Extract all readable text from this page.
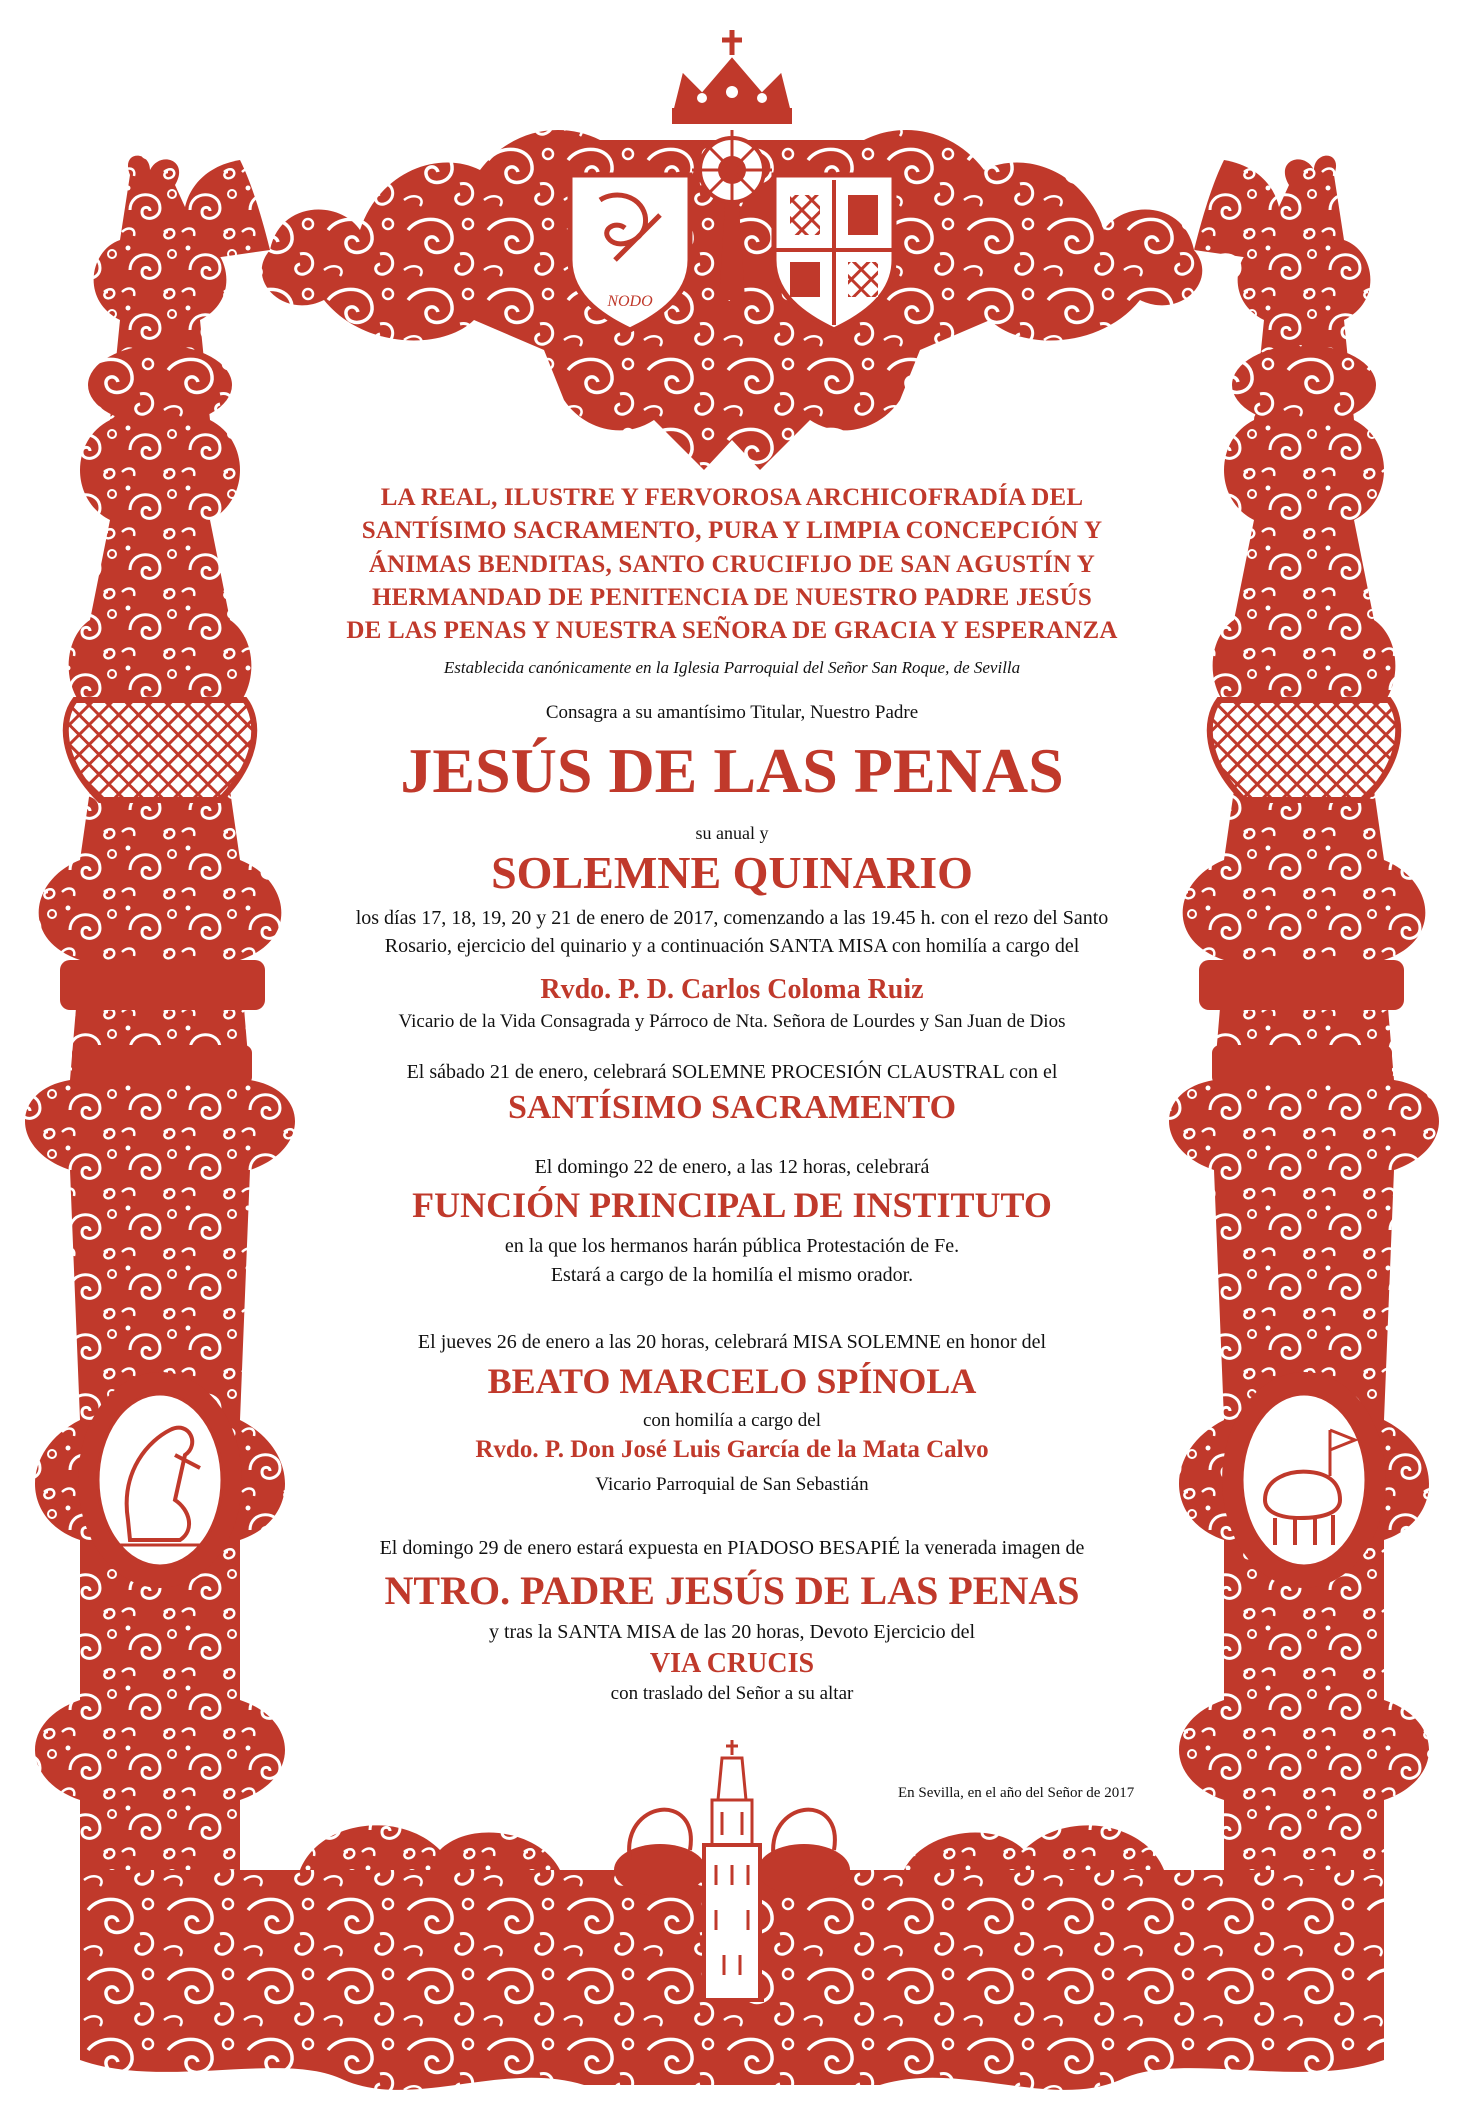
NODO
LA REAL, ILUSTRE Y FERVOROSA ARCHICOFRADÍA DEL
SANTÍSIMO SACRAMENTO, PURA Y LIMPIA CONCEPCIÓN Y
ÁNIMAS BENDITAS, SANTO CRUCIFIJO DE SAN AGUSTÍN Y
HERMANDAD DE PENITENCIA DE NUESTRO PADRE JESÚS
DE LAS PENAS Y NUESTRA SEÑORA DE GRACIA Y ESPERANZA
Establecida canónicamente en la Iglesia Parroquial del Señor San Roque, de Sevilla
Consagra a su amantísimo Titular, Nuestro Padre
JESÚS DE LAS PENAS
su anual y
SOLEMNE QUINARIO
los días 17, 18, 19, 20 y 21 de enero de 2017, comenzando a las 19.45 h. con el rezo del Santo
Rosario, ejercicio del quinario y a continuación SANTA MISA con homilía a cargo del
Rvdo. P. D. Carlos Coloma Ruiz
Vicario de la Vida Consagrada y Párroco de Nta. Señora de Lourdes y San Juan de Dios
El sábado 21 de enero, celebrará SOLEMNE PROCESIÓN CLAUSTRAL con el
SANTÍSIMO SACRAMENTO
El domingo 22 de enero, a las 12 horas, celebrará
FUNCIÓN PRINCIPAL DE INSTITUTO
en la que los hermanos harán pública Protestación de Fe.
Estará a cargo de la homilía el mismo orador.
El jueves 26 de enero a las 20 horas, celebrará MISA SOLEMNE en honor del
BEATO MARCELO SPÍNOLA
con homilía a cargo del
Rvdo. P. Don José Luis García de la Mata Calvo
Vicario Parroquial de San Sebastián
El domingo 29 de enero estará expuesta en PIADOSO BESAPIÉ la venerada imagen de
NTRO. PADRE JESÚS DE LAS PENAS
y tras la SANTA MISA de las 20 horas, Devoto Ejercicio del
VIA CRUCIS
con traslado del Señor a su altar
En Sevilla, en el año del Señor de 2017
